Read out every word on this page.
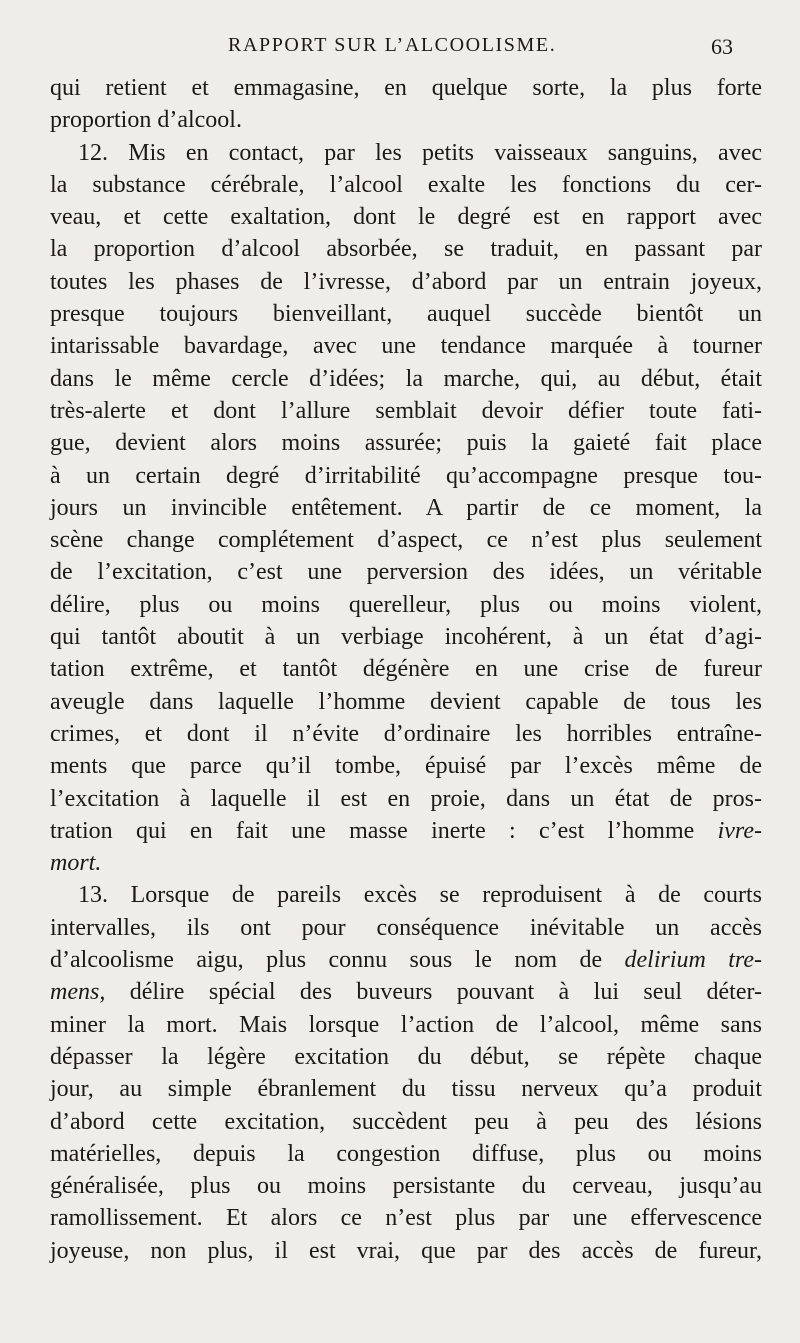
RAPPORT SUR L’ALCOOLISME.	63
qui retient et emmagasine, en quelque sorte, la plus forte
proportion d’alcool.
12. Mis en contact, par les petits vaisseaux sanguins, avec
la substance cérébrale, l’alcool exalte les fonctions du cer-
veau, et cette exaltation, dont le degré est en rapport avec
la proportion d’alcool absorbée, se traduit, en passant par
toutes les phases de l’ivresse, d’abord par un entrain joyeux,
presque toujours bienveillant, auquel succède bientôt un
intarissable bavardage, avec une tendance marquée à tourner
dans le même cercle d’idées; la marche, qui, au début, était
très-alerte et dont l’allure semblait devoir défier toute fati-
gue, devient alors moins assurée; puis la gaieté fait place
à un certain degré d’irritabilité qu’accompagne presque tou-
jours un invincible entêtement. A partir de ce moment, la
scène change complétement d’aspect, ce n’est plus seulement
de l’excitation, c’est une perversion des idées, un véritable
délire, plus ou moins querelleur, plus ou moins violent,
qui tantôt aboutit à un verbiage incohérent, à un état d’agi-
tation extrême, et tantôt dégénère en une crise de fureur
aveugle dans laquelle l’homme devient capable de tous les
crimes, et dont il n’évite d’ordinaire les horribles entraîne-
ments que parce qu’il tombe, épuisé par l’excès même de
l’excitation à laquelle il est en proie, dans un état de pros-
tration qui en fait une masse inerte : c’est l’homme ivre-
mort.
13. Lorsque de pareils excès se reproduisent à de courts
intervalles, ils ont pour conséquence inévitable un accès
d’alcoolisme aigu, plus connu sous le nom de delirium tre-
mens, délire spécial des buveurs pouvant à lui seul déter-
miner la mort. Mais lorsque l’action de l’alcool, même sans
dépasser la légère excitation du début, se répète chaque
jour, au simple ébranlement du tissu nerveux qu’a produit
d’abord cette excitation, succèdent peu à peu des lésions
matérielles, depuis la congestion diffuse, plus ou moins
généralisée, plus ou moins persistante du cerveau, jusqu’au
ramollissement. Et alors ce n’est plus par une effervescence
joyeuse, non plus, il est vrai, que par des accès de fureur,
